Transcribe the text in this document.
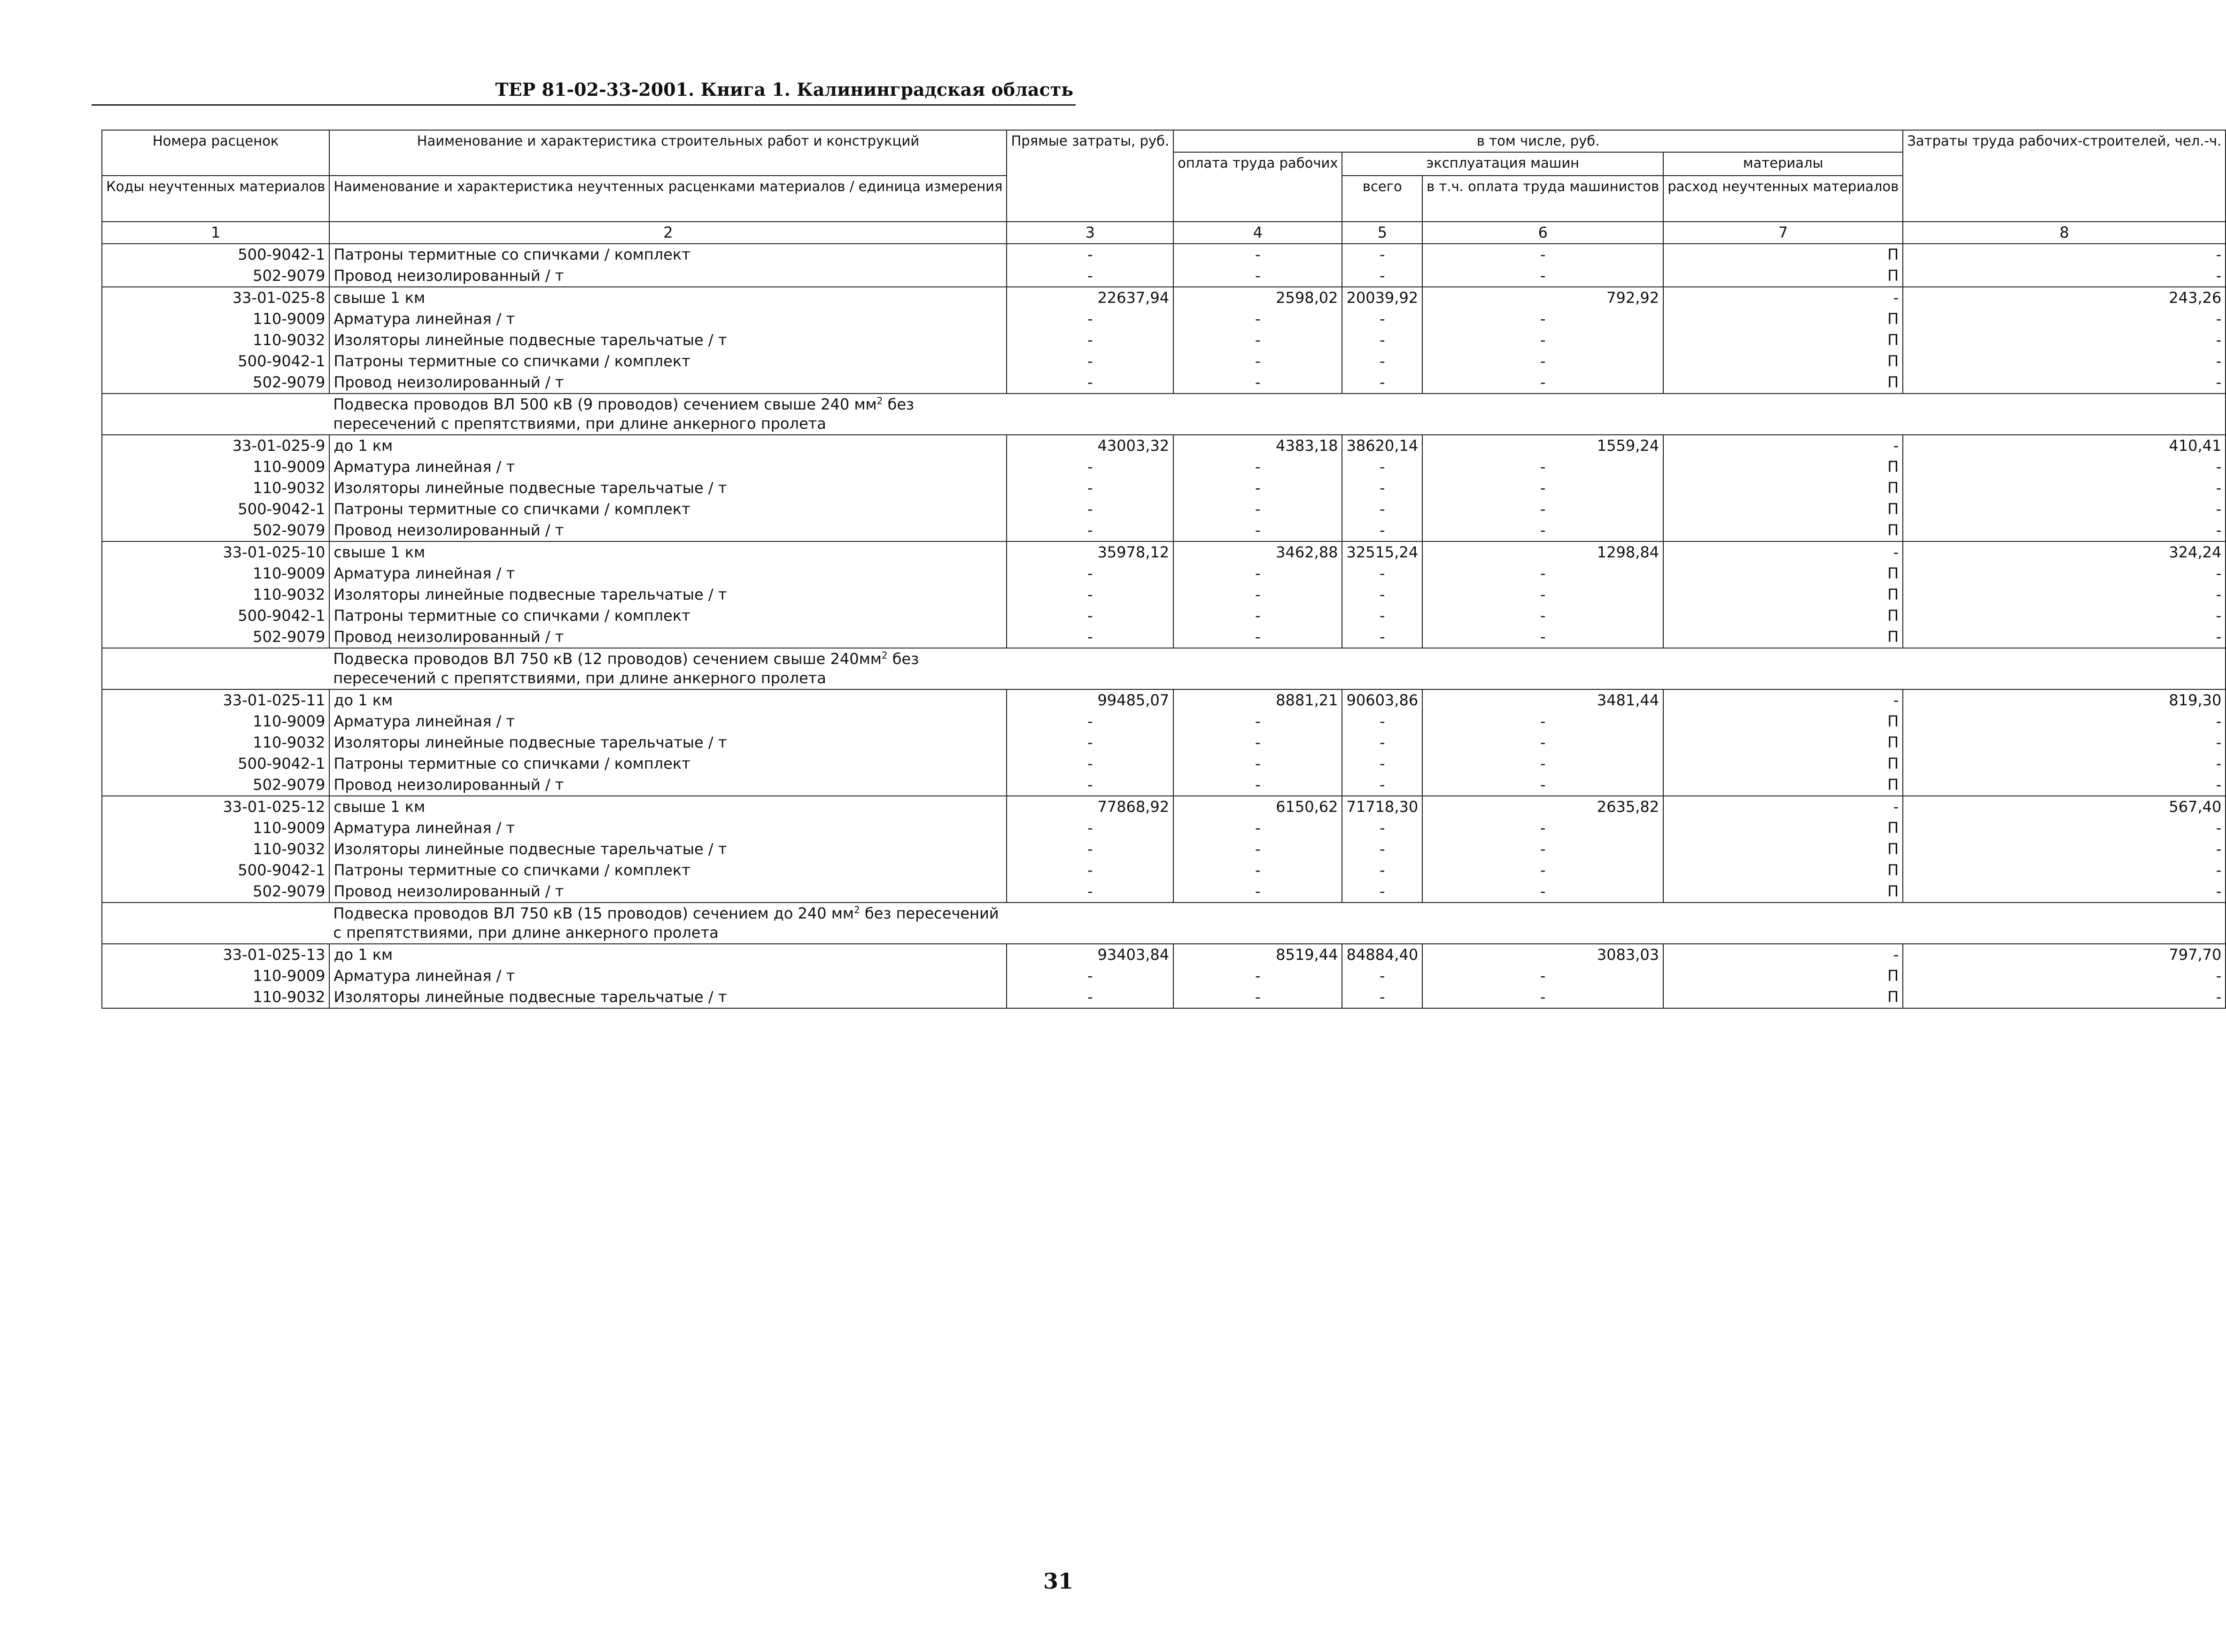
ТЕР 81-02-33-2001. Книга 1. Калининградская область
Номера расценок	Наименование и характеристика строительных работ и конструкций	Прямые затраты, руб.	в том числе, руб.				Затраты труда рабочих-строителей, чел.-ч.	
			оплата труда рабочих	эксплуатация машин		материалы		
Коды неучтенных материалов	Наименование и характеристика неучтенных расценками материалов / единица измерения			всего	в т.ч. оплата труда машинистов	расход неучтенных материалов		

1	2	3	4	5	6	7	8	
500-9042-1	Патроны термитные со спичками / комплект	-	-	-	-	П	-	
502-9079	Провод неизолированный / т	-	-	-	-	П	-	
33-01-025-8	свыше 1 км	22637,94	2598,02	20039,92	792,92	-	243,26	
110-9009	Арматура линейная / т	-	-	-	-	П	-	
110-9032	Изоляторы линейные подвесные тарельчатые / т	-	-	-	-	П	-	
500-9042-1	Патроны термитные со спичками / комплект	-	-	-	-	П	-	
502-9079	Провод неизолированный / т	-	-	-	-	П	-	
	Подвеска проводов ВЛ 500 кВ (9 проводов) сечением свыше 240 $мм^2$ без пересечений с препятствиями, при длине анкерного пролета							
33-01-025-9	до 1 км	43003,32	4383,18	38620,14	1559,24	-	410,41	
110-9009	Арматура линейная / т	-	-	-	-	П	-	
110-9032	Изоляторы линейные подвесные тарельчатые / т	-	-	-	-	П	-	
500-9042-1	Патроны термитные со спичками / комплект	-	-	-	-	П	-	
502-9079	Провод неизолированный / т	-	-	-	-	П	-	
33-01-025-10	свыше 1 км	35978,12	3462,88	32515,24	1298,84	-	324,24	
110-9009	Арматура линейная / т	-	-	-	-	П	-	
110-9032	Изоляторы линейные подвесные тарельчатые / т	-	-	-	-	П	-	
500-9042-1	Патроны термитные со спичками / комплект	-	-	-	-	П	-	
502-9079	Провод неизолированный / т	-	-	-	-	П	-	
	Подвеска проводов ВЛ 750 кВ (12 проводов) сечением свыше $240мм^2$ без пересечений с препятствиями, при длине анкерного пролета							
33-01-025-11	до 1 км	99485,07	8881,21	90603,86	3481,44	-	819,30	
110-9009	Арматура линейная / т	-	-	-	-	П	-	
110-9032	Изоляторы линейные подвесные тарельчатые / т	-	-	-	-	П	-	
500-9042-1	Патроны термитные со спичками / комплект	-	-	-	-	П	-	
502-9079	Провод неизолированный / т	-	-	-	-	П	-	
33-01-025-12	свыше 1 км	77868,92	6150,62	71718,30	2635,82	-	567,40	
110-9009	Арматура линейная / т	-	-	-	-	П	-	
110-9032	Изоляторы линейные подвесные тарельчатые / т	-	-	-	-	П	-	
500-9042-1	Патроны термитные со спичками / комплект	-	-	-	-	П	-	
502-9079	Провод неизолированный / т	-	-	-	-	П	-	
	Подвеска проводов ВЛ 750 кВ (15 проводов) сечением до 240 $мм^2$ без пересечений с препятствиями, при длине анкерного пролета							
33-01-025-13	до 1 км	93403,84	8519,44	84884,40	3083,03	-	797,70	
110-9009	Арматура линейная / т	-	-	-	-	П	-	
110-9032	Изоляторы линейные подвесные тарельчатые / т	-	-	-	-	П	-	
31
